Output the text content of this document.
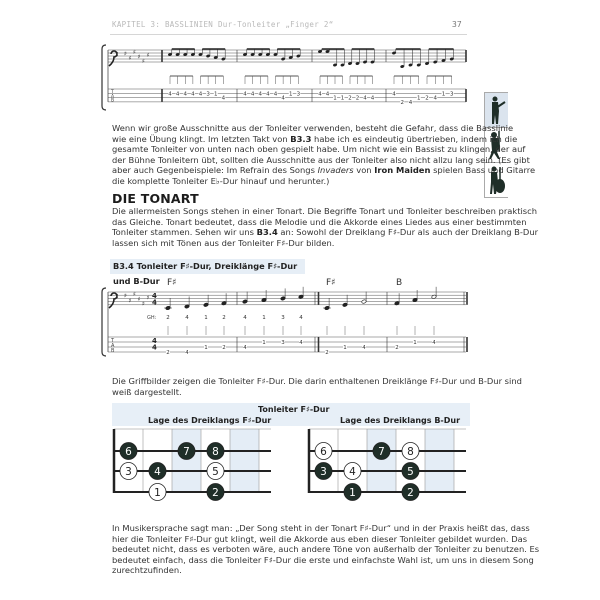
KAPITEL 3: BASSLINIEN Dur-Tonleiter „Finger 2“	37
♯
♯
♯
♯
♯
♯
T
A
B
4 4 4 4 4 3 1
4
4 4 4 4 4
4
1 3	4 4
1 1 2 2 4 4
4
2 4
1 2 4
1 3
Wenn wir große Ausschnitte aus der Tonleiter verwenden, besteht die Gefahr, dass die Basslinie
wie eine Übung klingt. Im letzten Takt von B3.3 habe ich es eindeutig übertrieben, indem ich die
gesamte Tonleiter von unten nach oben gespielt habe. Um nicht wie ein Bassist zu klingen, der auf
der Bühne Tonleitern übt, sollten die Ausschnitte aus der Tonleiter also nicht allzu lang sein. (Es gibt
aber auch Gegenbeispiele: Im Refrain des Songs Invaders von Iron Maiden spielen Bass und Gitarre
die komplette Tonleiter E♭-Dur hinauf und herunter.)
DIE TONART
Die allermeisten Songs stehen in einer Tonart. Die Begriffe Tonart und Tonleiter beschreiben praktisch
das Gleiche. Tonart bedeutet, dass die Melodie und die Akkorde eines Liedes aus einer bestimmten
Tonleiter stammen. Sehen wir uns B3.4 an: Sowohl der Dreiklang F♯-Dur als auch der Dreiklang B-Dur
lassen sich mit Tönen aus der Tonleiter F♯-Dur bilden.
B3.4 Tonleiter F♯-Dur, Dreiklänge F♯-Dur und B-Dur
♯
♯
♯
♯
♯
♯ 4
4
4
4
T
A
B
F♯	F♯	B
GH: 2
2
4
4
1
1
2
2
4
4
1
1
3
3
4
4
2
1	4	2
1	4
Die Griffbilder zeigen die Tonleiter F♯-Dur. Die darin enthaltenen Dreiklänge F♯-Dur und B-Dur sind
weiß dargestellt.
Tonleiter F♯-Dur
Lage des Dreiklangs F♯-Dur	Lage des Dreiklangs B-Dur
6	7 8
3 4	5
1	2
6	7 8
3 4	5
1	2
In Musikersprache sagt man: „Der Song steht in der Tonart F♯-Dur“ und in der Praxis heißt das, dass
hier die Tonleiter F♯-Dur gut klingt, weil die Akkorde aus eben dieser Tonleiter gebildet wurden. Das
bedeutet nicht, dass es verboten wäre, auch andere Töne von außerhalb der Tonleiter zu benutzen. Es
bedeutet einfach, dass die Tonleiter F♯-Dur die erste und einfachste Wahl ist, um uns in diesem Song
zurechtzufinden.
